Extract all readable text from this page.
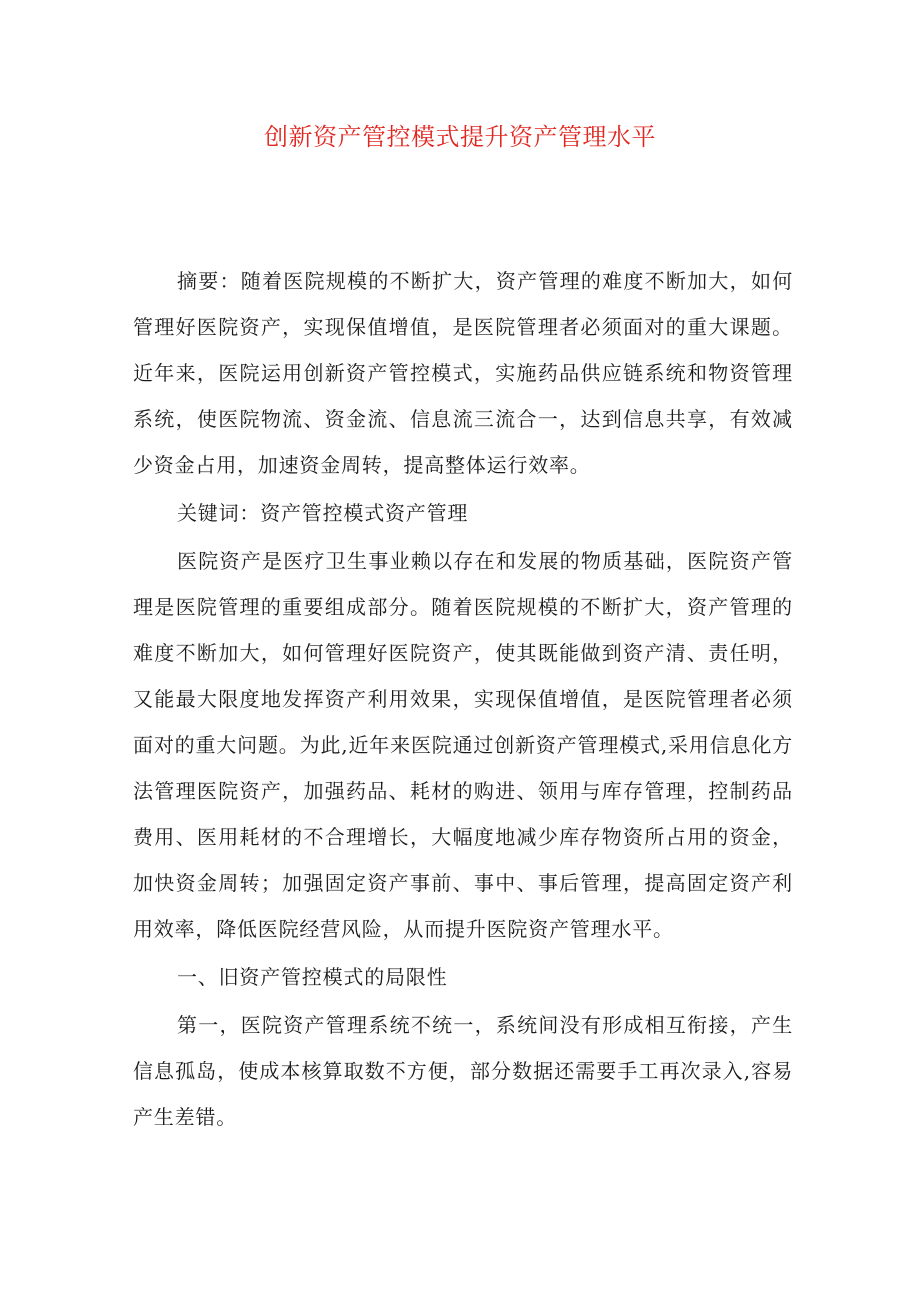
创新资产管控模式提升资产管理水平

摘要：随着医院规模的不断扩大，资产管理的难度不断加大，如何管理好医院资产，实现保值增值，是医院管理者必须面对的重大课题。近年来，医院运用创新资产管控模式，实施药品供应链系统和物资管理系统，使医院物流、资金流、信息流三流合一，达到信息共享，有效减少资金占用，加速资金周转，提高整体运行效率。

关键词：资产管控模式资产管理

医院资产是医疗卫生事业赖以存在和发展的物质基础，医院资产管理是医院管理的重要组成部分。随着医院规模的不断扩大，资产管理的难度不断加大，如何管理好医院资产，使其既能做到资产清、责任明，又能最大限度地发挥资产利用效果，实现保值增值，是医院管理者必须面对的重大问题。为此,近年来医院通过创新资产管理模式,采用信息化方法管理医院资产，加强药品、耗材的购进、领用与库存管理，控制药品费用、医用耗材的不合理增长，大幅度地减少库存物资所占用的资金，加快资金周转；加强固定资产事前、事中、事后管理，提高固定资产利用效率，降低医院经营风险，从而提升医院资产管理水平。

一、旧资产管控模式的局限性

第一，医院资产管理系统不统一，系统间没有形成相互衔接，产生信息孤岛，使成本核算取数不方便，部分数据还需要手工再次录入,容易产生差错。
